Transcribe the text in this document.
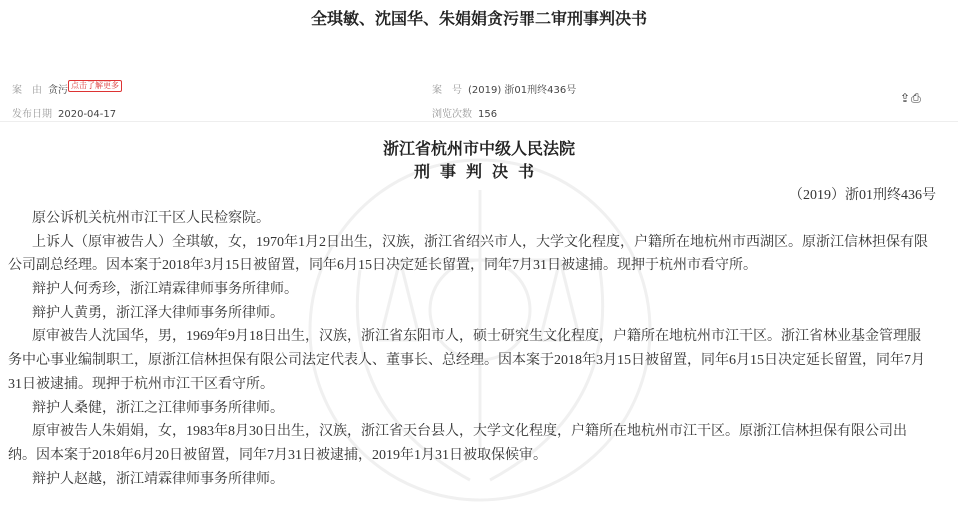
全琪敏、沈国华、朱娟娟贪污罪二审刑事判决书
案　由 贪污 点击了解更多
发布日期 2020-04-17
案　号 (2019) 浙01刑终436号
浏览次数 156
⇪⎙
浙江省杭州市中级人民法院
刑事判决书
（2019）浙01刑终436号
原公诉机关杭州市江干区人民检察院。
上诉人（原审被告人）全琪敏，女，1970年1月2日出生，汉族，浙江省绍兴市人，大学文化程度，户籍所在地杭州市西湖区。原浙江信林担保有限
公司副总经理。因本案于2018年3月15日被留置，同年6月15日决定延长留置，同年7月31日被逮捕。现押于杭州市看守所。
辩护人何秀珍，浙江靖霖律师事务所律师。
辩护人黄勇，浙江泽大律师事务所律师。
原审被告人沈国华，男，1969年9月18日出生，汉族，浙江省东阳市人，硕士研究生文化程度，户籍所在地杭州市江干区。浙江省林业基金管理服
务中心事业编制职工，原浙江信林担保有限公司法定代表人、董事长、总经理。因本案于2018年3月15日被留置，同年6月15日决定延长留置，同年7月
31日被逮捕。现押于杭州市江干区看守所。
辩护人桑健，浙江之江律师事务所律师。
原审被告人朱娟娟，女，1983年8月30日出生，汉族，浙江省天台县人，大学文化程度，户籍所在地杭州市江干区。原浙江信林担保有限公司出
纳。因本案于2018年6月20日被留置，同年7月31日被逮捕，2019年1月31日被取保候审。
辩护人赵越，浙江靖霖律师事务所律师。
